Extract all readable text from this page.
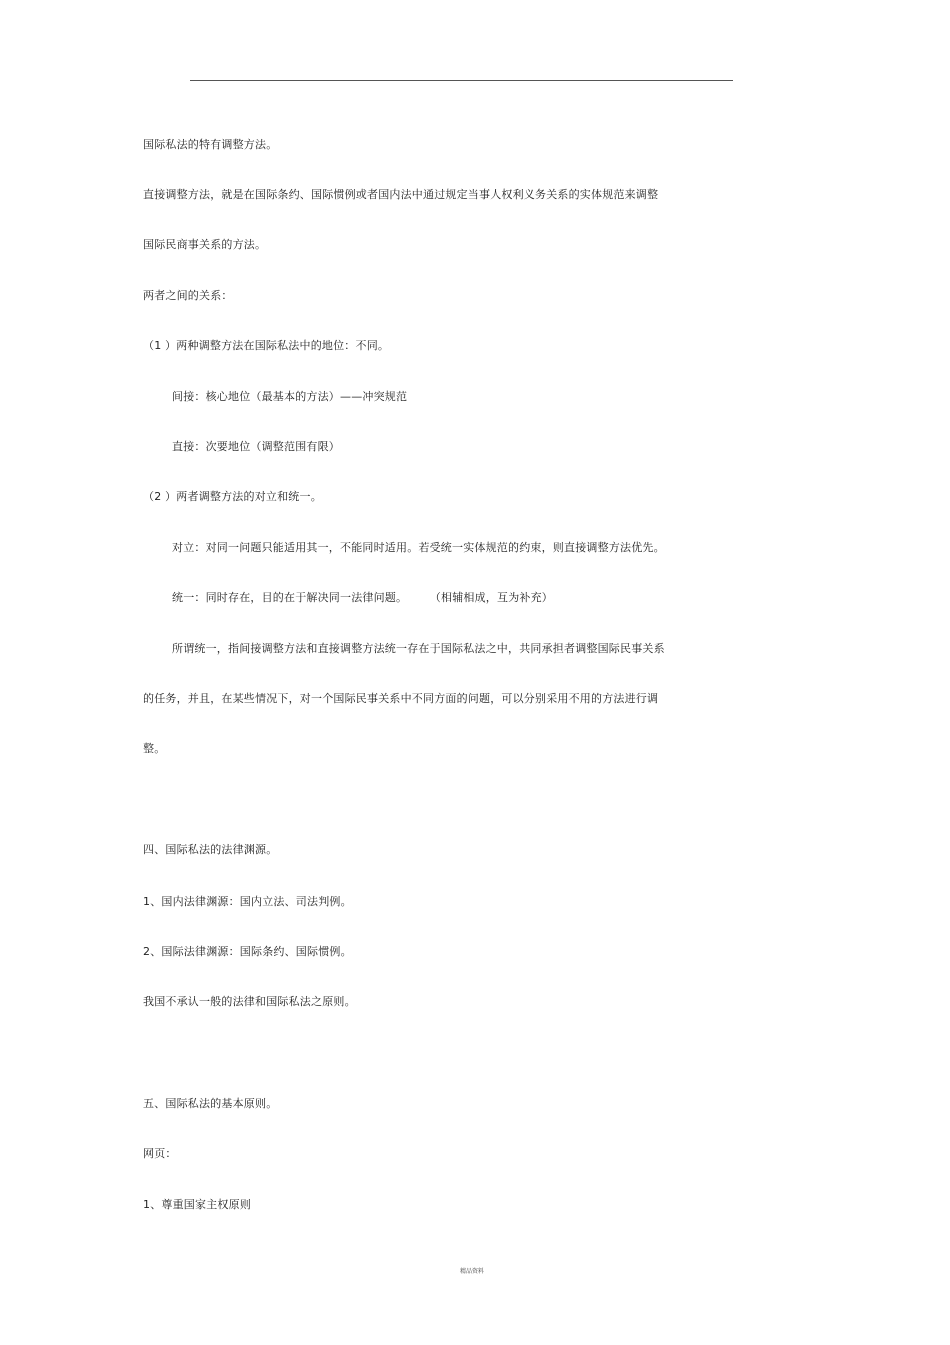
国际私法的特有调整方法。
直接调整方法，就是在国际条约、国际惯例或者国内法中通过规定当事人权利义务关系的实体规范来调整
国际民商事关系的方法。
两者之间的关系：
（1 ）两种调整方法在国际私法中的地位：不同。
间接：核心地位（最基本的方法）——冲突规范
直接：次要地位（调整范围有限）
（2 ）两者调整方法的对立和统一。
对立：对同一问题只能适用其一，不能同时适用。若受统一实体规范的约束，则直接调整方法优先。
统一：同时存在，目的在于解决同一法律问题。　　　（相辅相成，互为补充）
所谓统一，指间接调整方法和直接调整方法统一存在于国际私法之中，共同承担者调整国际民事关系
的任务，并且，在某些情况下，对一个国际民事关系中不同方面的问题，可以分别采用不用的方法进行调
整。
四、国际私法的法律渊源。
1、国内法律渊源：国内立法、司法判例。
2、国际法律渊源：国际条约、国际惯例。
我国不承认一般的法律和国际私法之原则。
五、国际私法的基本原则。
网页：
1、尊重国家主权原则
精品资料
